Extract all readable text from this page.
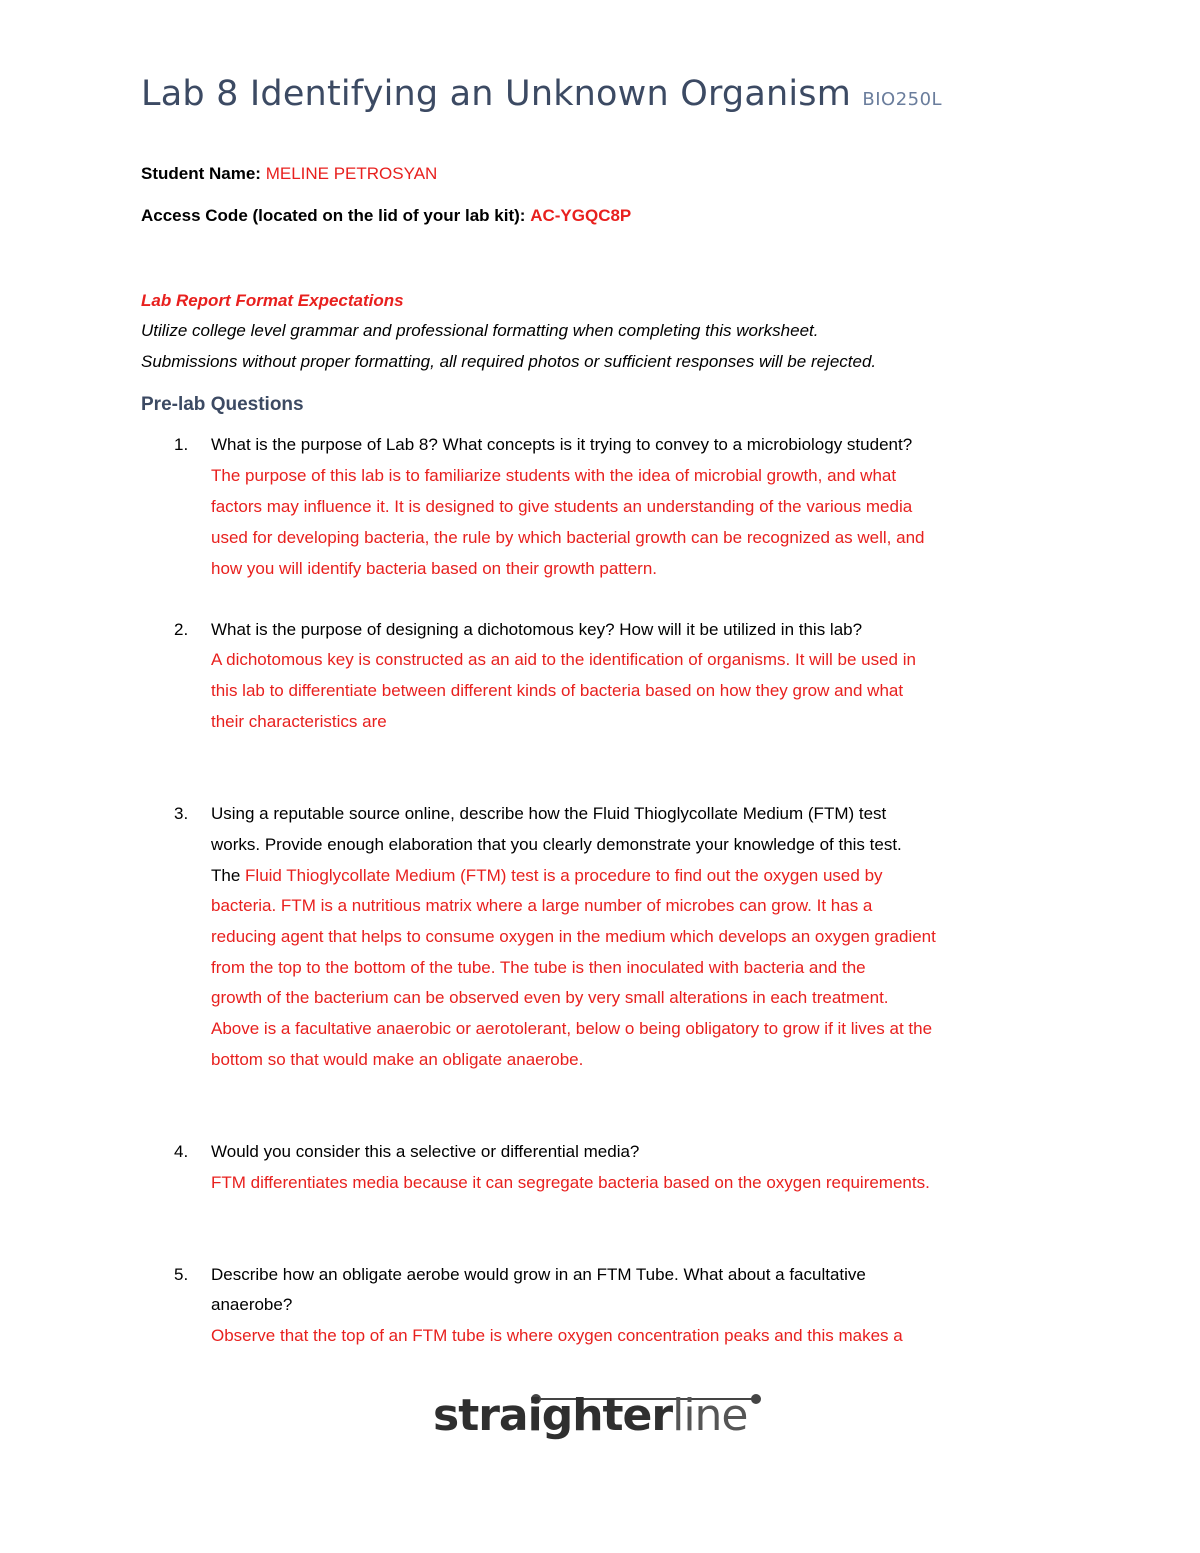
Lab 8 Identifying an Unknown Organism BIO250L
Student Name: MELINE PETROSYAN
Access Code (located on the lid of your lab kit): AC-YGQC8P
Lab Report Format Expectations
Utilize college level grammar and professional formatting when completing this worksheet.
Submissions without proper formatting, all required photos or sufficient responses will be rejected.
Pre-lab Questions
1. What is the purpose of Lab 8? What concepts is it trying to convey to a microbiology student?
The purpose of this lab is to familiarize students with the idea of microbial growth, and what
factors may influence it. It is designed to give students an understanding of the various media
used for developing bacteria, the rule by which bacterial growth can be recognized as well, and
how you will identify bacteria based on their growth pattern.
2. What is the purpose of designing a dichotomous key? How will it be utilized in this lab?
A dichotomous key is constructed as an aid to the identification of organisms. It will be used in
this lab to differentiate between different kinds of bacteria based on how they grow and what
their characteristics are
3. Using a reputable source online, describe how the Fluid Thioglycollate Medium (FTM) test
works. Provide enough elaboration that you clearly demonstrate your knowledge of this test.
The Fluid Thioglycollate Medium (FTM) test is a procedure to find out the oxygen used by
bacteria. FTM is a nutritious matrix where a large number of microbes can grow. It has a
reducing agent that helps to consume oxygen in the medium which develops an oxygen gradient
from the top to the bottom of the tube. The tube is then inoculated with bacteria and the
growth of the bacterium can be observed even by very small alterations in each treatment.
Above is a facultative anaerobic or aerotolerant, below o being obligatory to grow if it lives at the
bottom so that would make an obligate anaerobe.
4. Would you consider this a selective or differential media?
FTM differentiates media because it can segregate bacteria based on the oxygen requirements.
5. Describe how an obligate aerobe would grow in an FTM Tube. What about a facultative
anaerobe?
Observe that the top of an FTM tube is where oxygen concentration peaks and this makes a
straighterline
